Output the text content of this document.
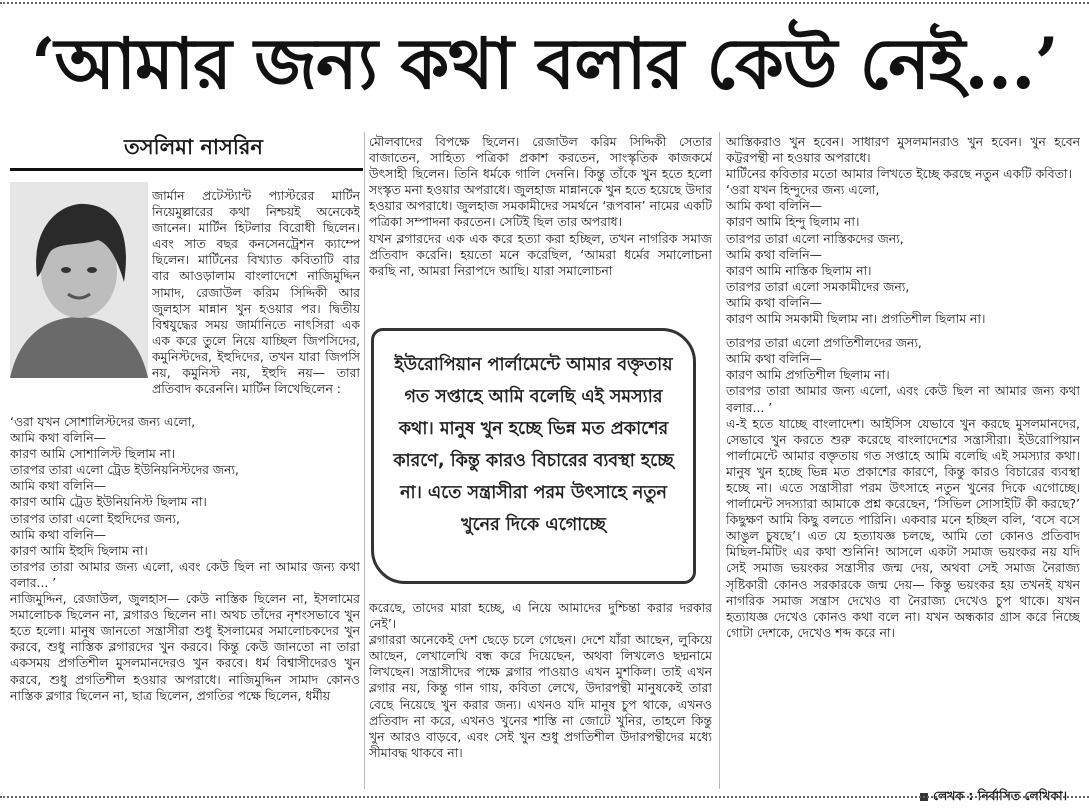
‘আমার জন্য কথা বলার কেউ নেই...’
তসলিমা নাসরিন

জার্মান প্রটেস্ট্যান্ট প্যাস্টরের মার্টিন নিয়েমুল্লারের কথা নিশ্চয়ই অনেকেই জানেন। মার্টিন হিটলার বিরোধী ছিলেন। এবং সাত বছর কনসেনট্রেশন ক্যাম্পে ছিলেন। মার্টিনের বিখ্যাত কবিতাটি বার বার আওড়ালাম বাংলাদেশে নাজিমুদ্দিন সামাদ, রেজাউল করিম সিদ্দিকী আর জুলহাস মান্নান খুন হওয়ার পর। দ্বিতীয় বিশ্বযুদ্ধের সময় জার্মানিতে নাৎসিরা এক এক করে তুলে নিয়ে যাচ্ছিল জিপসিদের, কমুনিস্টদের, ইহুদিদের, তখন যারা জিপসি নয়, কমুনিস্ট নয়, ইহুদি নয়— তারা প্রতিবাদ করেননি। মার্টিন লিখেছিলেন :

‘ওরা যখন সোশালিস্টদের জন্য এলো,

আমি কথা বলিনি—

কারণ আমি সোশালিস্ট ছিলাম না।

তারপর তারা এলো ট্রেড ইউনিয়নিস্টদের জন্য,

আমি কথা বলিনি—

কারণ আমি ট্রেড ইউনিয়নিস্ট ছিলাম না।

তারপর তারা এলো ইহুদিদের জন্য,

আমি কথা বলিনি—

কারণ আমি ইহুদি ছিলাম না।

তারপর তারা আমার জন্য এলো, এবং কেউ ছিল না আমার জন্য কথা বলার... ’

নাজিমুদ্দিন, রেজাউল, জুলহাস— কেউ নাস্তিক ছিলেন না, ইসলামের সমালোচক ছিলেন না, ব্লগারও ছিলেন না। অথচ তাঁদের নৃশংসভাবে খুন হতে হলো। মানুষ জানতো সন্ত্রাসীরা শুধু ইসলামের সমালোচকদের খুন করবে, শুধু নাস্তিক ব্লগারদের খুন করবে। কিন্তু কেউ জানতো না তারা একসময় প্রগতিশীল মুসলমানদেরও খুন করবে। ধর্ম বিশ্বাসীদেরও খুন করবে, শুধু প্রগতিশীল হওয়ার অপরাধে। নাজিমুদ্দিন সামাদ কোনও নাস্তিক ব্লগার ছিলেন না, ছাত্র ছিলেন, প্রগতির পক্ষে ছিলেন, ধর্মীয়

মৌলবাদের বিপক্ষে ছিলেন। রেজাউল করিম সিদ্দিকী সেতার বাজাতেন, সাহিত্য পত্রিকা প্রকাশ করতেন, সাংস্কৃতিক কাজকর্মে উৎসাহী ছিলেন। তিনি ধর্মকে গালি দেননি। কিন্তু তাঁকে খুন হতে হলো সংস্কৃত মনা হওয়ার অপরাধে। জুলহাজ মান্নানকে খুন হতে হয়েছে উদার হওয়ার অপরাধে। জুলহাজ সমকামীদের সমর্থনে ‘রূপবান’ নামের একটি পত্রিকা সম্পাদনা করতেন। সেটিই ছিল তার অপরাধ।

যখন ব্লগারদের এক এক করে হত্যা করা হচ্ছিল, তখন নাগরিক সমাজ প্রতিবাদ করেনি। হয়তো মনে করেছিল, ‘আমরা ধর্মের সমালোচনা করছি না, আমরা নিরাপদে আছি। যারা সমালোচনা

ইউরোপিয়ান পার্লামেন্টে আমার বক্তৃতায় গত সপ্তাহে আমি বলেছি এই সমস্যার কথা। মানুষ খুন হচ্ছে ভিন্ন মত প্রকাশের কারণে, কিন্তু কারও বিচারের ব্যবস্থা হচ্ছে না। এতে সন্ত্রাসীরা পরম উৎসাহে নতুন খুনের দিকে এগোচ্ছে

করেছে, তাদের মারা হচ্ছে, এ নিয়ে আমাদের দুশ্চিন্তা করার দরকার নেই’।

ব্লগাররা অনেকেই দেশ ছেড়ে চলে গেছেন। দেশে যাঁরা আছেন, লুকিয়ে আছেন, লেখালেখি বন্ধ করে দিয়েছেন, অথবা লিখলেও ছদ্মনামে লিখছেন। সন্ত্রাসীদের পক্ষে ব্লগার পাওয়াও এখন মুশকিল। তাই এখন ব্লগার নয়, কিন্তু গান গায়, কবিতা লেখে, উদারপন্থী মানুষকেই তারা বেছে নিয়েছে খুন করার জন্য। এখনও যদি মানুষ চুপ থাকে, এখনও প্রতিবাদ না করে, এখনও খুনের শাস্তি না জোটে খুনির, তাহলে কিন্তু খুন আরও বাড়বে, এবং সেই খুন শুধু প্রগতিশীল উদারপন্থীদের মধ্যে সীমাবদ্ধ থাকবে না।

আস্তিকরাও খুন হবেন। সাধারণ মুসলমানরাও খুন হবেন। খুন হবেন কট্টরপন্থী না হওয়ার অপরাধে।

মার্টিনের কবিতার মতো আমার লিখতে ইচ্ছে করছে নতুন একটি কবিতা।

‘ওরা যখন হিন্দুদের জন্য এলো,

আমি কথা বলিনি—

কারণ আমি হিন্দু ছিলাম না।

তারপর তারা এলো নাস্তিকদের জন্য,

আমি কথা বলিনি—

কারণ আমি নাস্তিক ছিলাম না।

তারপর তারা এলো সমকামীদের জন্য,

আমি কথা বলিনি—

কারণ আমি সমকামী ছিলাম না। প্রগতিশীল ছিলাম না।

তারপর তারা এলো প্রগতিশীলদের জন্য,

আমি কথা বলিনি—

কারণ আমি প্রগতিশীল ছিলাম না।

তারপর তারা আমার জন্য এলো, এবং কেউ ছিল না আমার জন্য কথা বলার... ’

এ-ই হতে যাচ্ছে বাংলাদেশ। আইসিস যেভাবে খুন করছে মুসলমানদের, সেভাবে খুন করতে শুরু করেছে বাংলাদেশের সন্ত্রাসীরা। ইউরোপিয়ান পার্লামেন্টে আমার বক্তৃতায় গত সপ্তাহে আমি বলেছি এই সমস্যার কথা। মানুষ খুন হচ্ছে ভিন্ন মত প্রকাশের কারণে, কিন্তু কারও বিচারের ব্যবস্থা হচ্ছে না। এতে সন্ত্রাসীরা পরম উৎসাহে নতুন খুনের দিকে এগোচ্ছে। পার্লামেন্ট সদস্যারা আমাকে প্রশ্ন করেছেন, ‘সিভিল সোসাইটি কী করছে?’ কিছুক্ষণ আমি কিছু বলতে পারিনি। একবার মনে হচ্ছিল বলি, ‘বসে বসে আঙুল চুষছে’। এত যে হত্যাযজ্ঞ চলছে, আমি তো কোনও প্রতিবাদ মিছিল-মিটিং এর কথা শুনিনি! আসলে একটা সমাজ ভয়ংকর নয় যদি সেই সমাজ ভয়ংকর সন্ত্রাসীর জন্ম দেয়, অথবা সেই সমাজ নৈরাজ্য সৃষ্টিকারী কোনও সরকারকে জন্ম দেয়— কিন্তু ভয়ংকর হয় তখনই যখন নাগরিক সমাজ সন্ত্রাস দেখেও বা নৈরাজ্য দেখেও চুপ থাকে। যখন হত্যাযজ্ঞ দেখেও কোনও কথা বলে না। যখন অন্ধকার গ্রাস করে নিচ্ছে গোটা দেশকে, দেখেও শব্দ করে না।

লেখক : নির্বাসিত লেখিকা।
